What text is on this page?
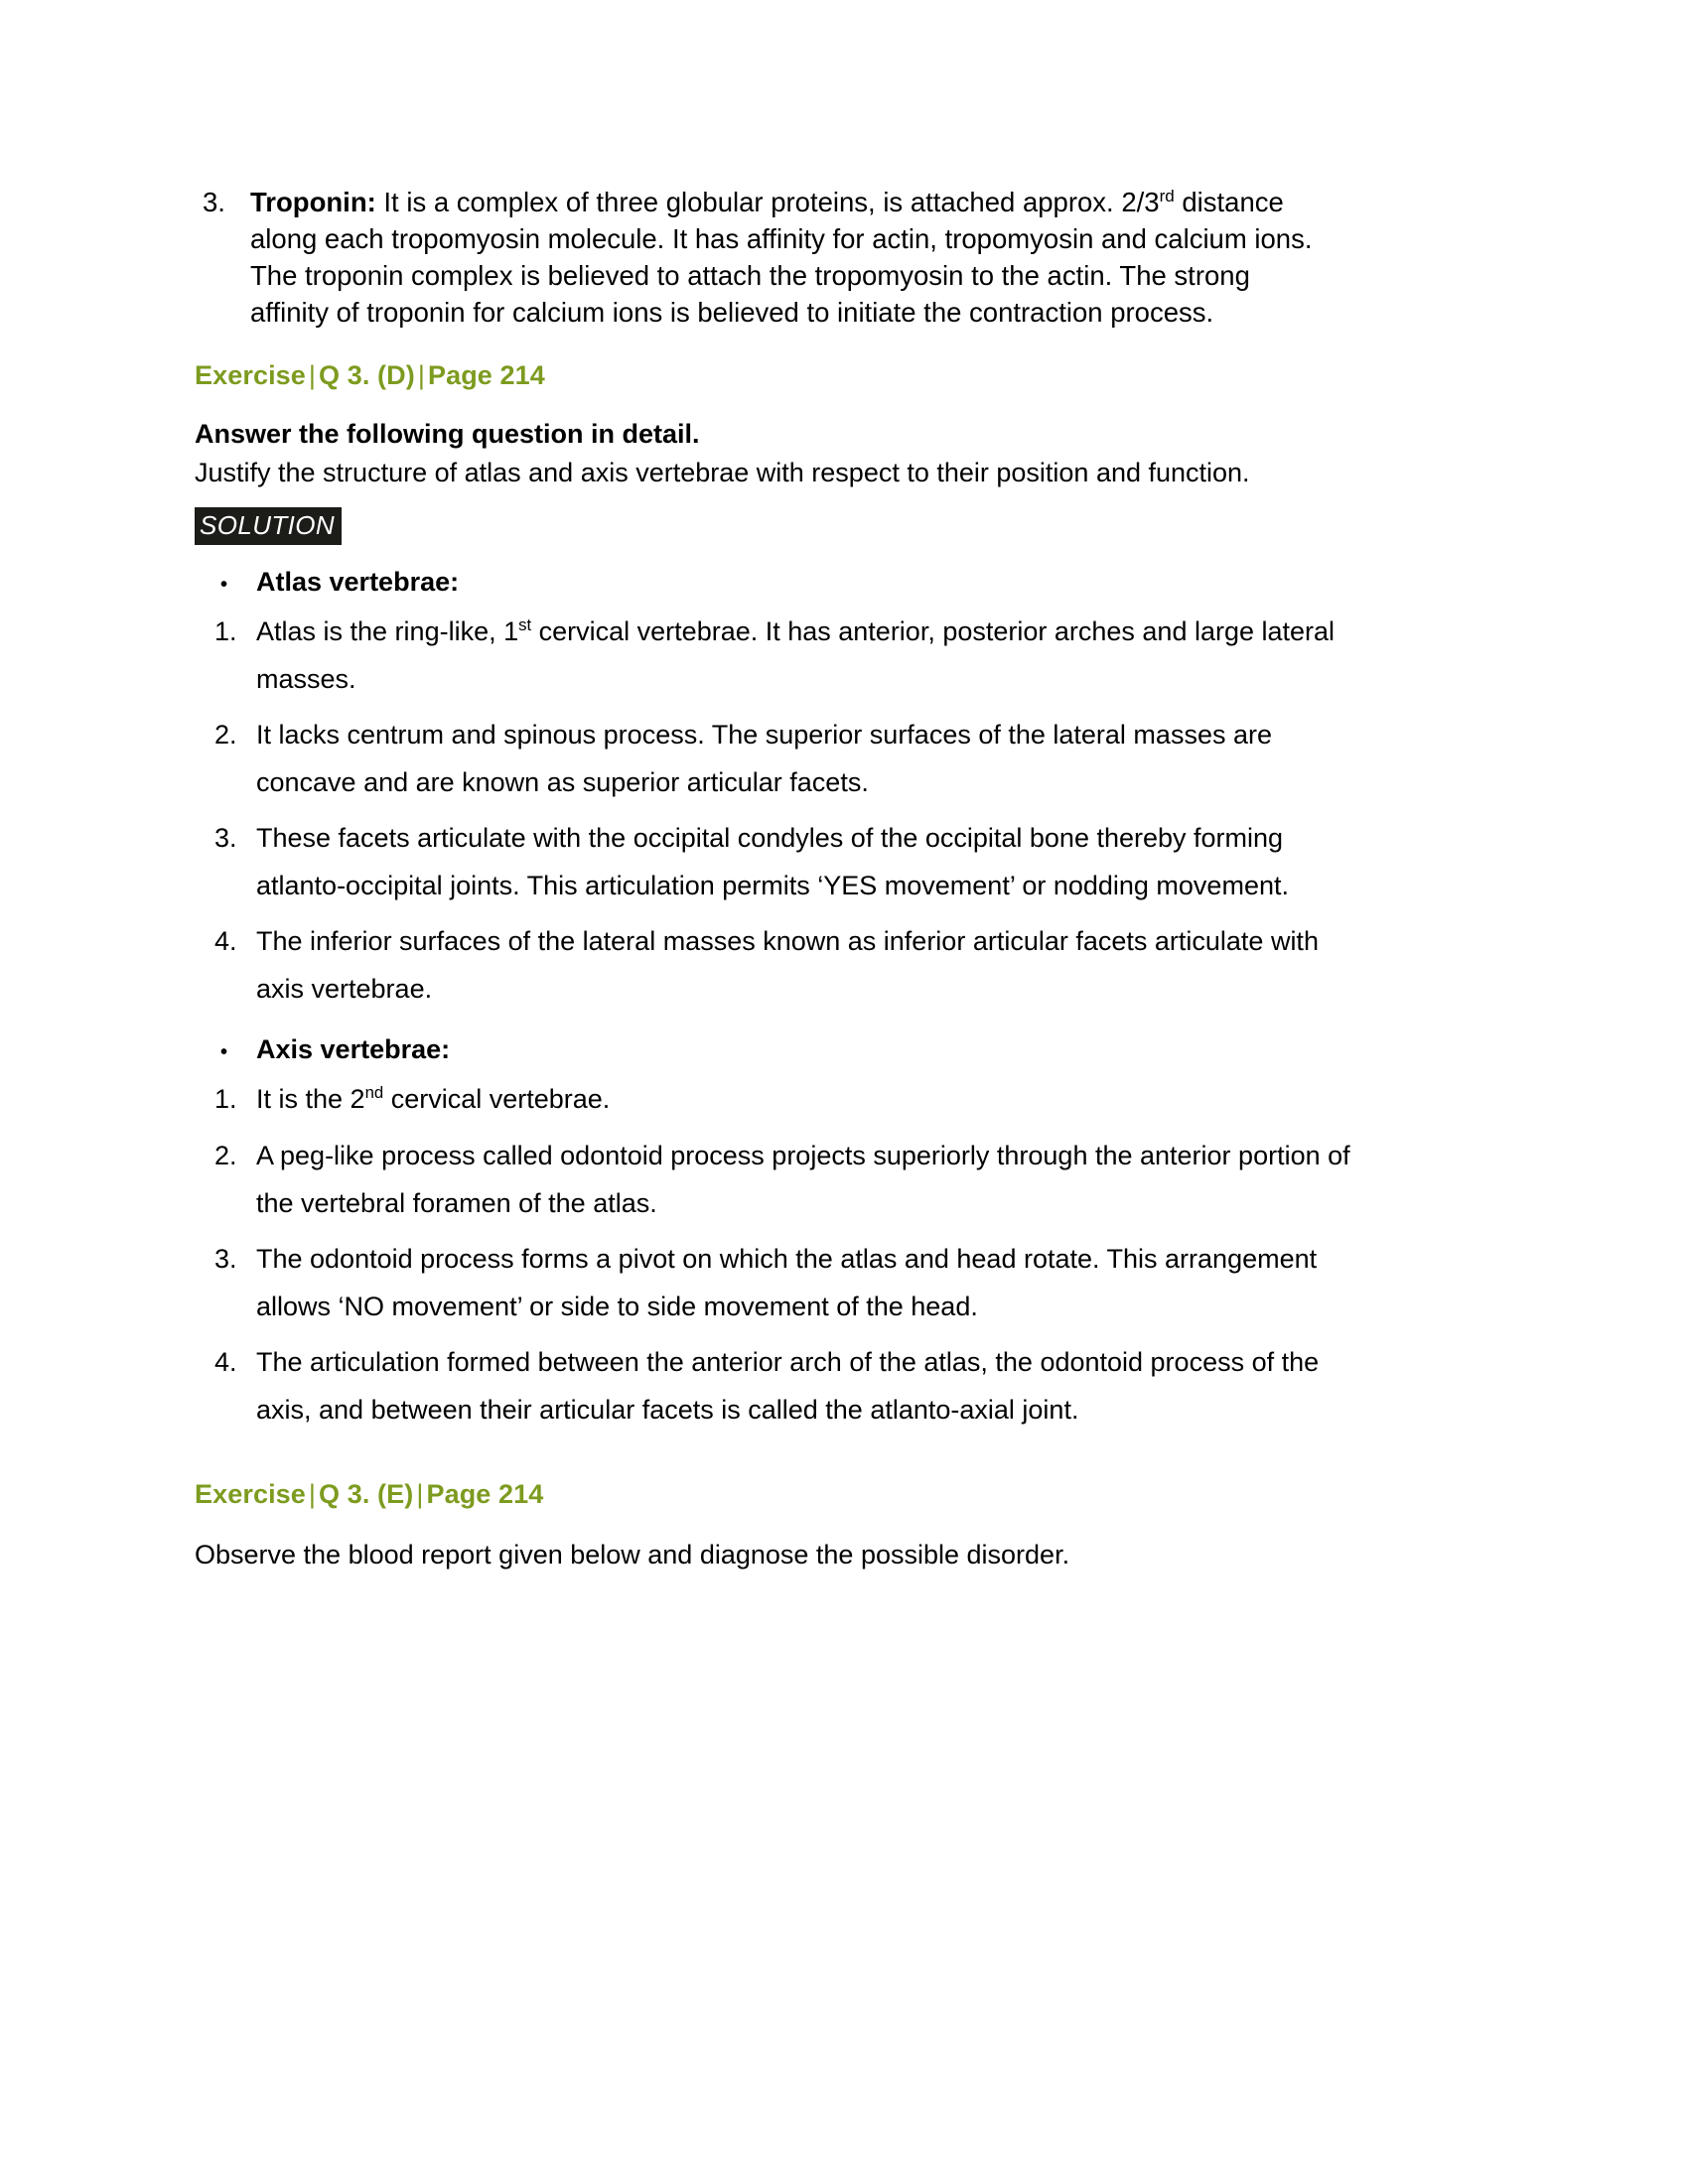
3. Troponin: It is a complex of three globular proteins, is attached approx. 2/3rd distance along each tropomyosin molecule. It has affinity for actin, tropomyosin and calcium ions. The troponin complex is believed to attach the tropomyosin to the actin. The strong affinity of troponin for calcium ions is believed to initiate the contraction process.
Exercise | Q 3. (D) | Page 214
Answer the following question in detail.
Justify the structure of atlas and axis vertebrae with respect to their position and function.
SOLUTION
•	Atlas vertebrae:
1. Atlas is the ring-like, 1st cervical vertebrae. It has anterior, posterior arches and large lateral masses.
2. It lacks centrum and spinous process. The superior surfaces of the lateral masses are concave and are known as superior articular facets.
3. These facets articulate with the occipital condyles of the occipital bone thereby forming atlanto-occipital joints. This articulation permits ‘YES movement’ or nodding movement.
4. The inferior surfaces of the lateral masses known as inferior articular facets articulate with axis vertebrae.
•	Axis vertebrae:
1. It is the 2nd cervical vertebrae.
2. A peg-like process called odontoid process projects superiorly through the anterior portion of the vertebral foramen of the atlas.
3. The odontoid process forms a pivot on which the atlas and head rotate. This arrangement allows ‘NO movement’ or side to side movement of the head.
4. The articulation formed between the anterior arch of the atlas, the odontoid process of the axis, and between their articular facets is called the atlanto-axial joint.
Exercise | Q 3. (E) | Page 214
Observe the blood report given below and diagnose the possible disorder.
